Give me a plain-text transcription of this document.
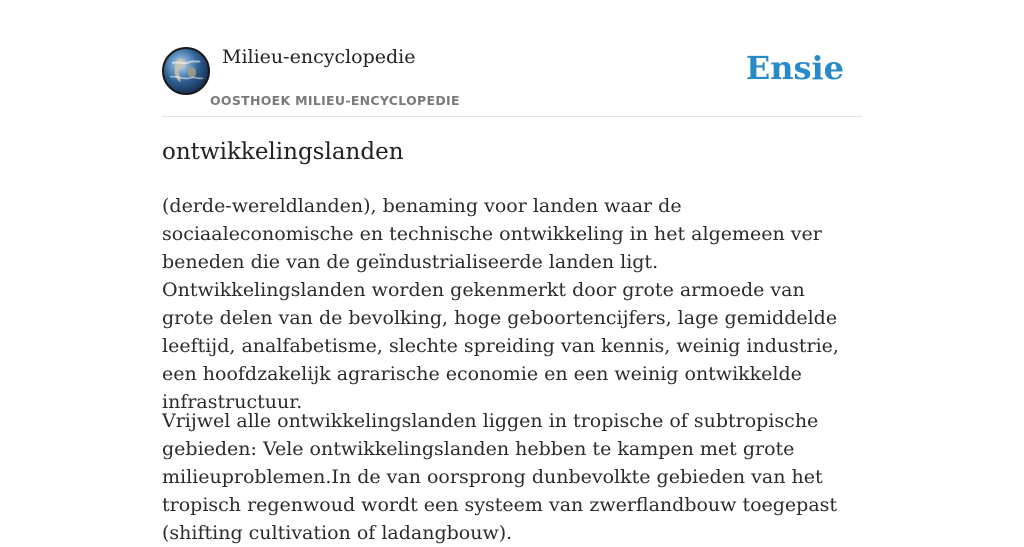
Milieu-encyclopedie
OOSTHOEK MILIEU-ENCYCLOPEDIE
Ensie
ontwikkelingslanden

(derde-wereldlanden), benaming voor landen waar de sociaaleconomische en technische ontwikkeling in het algemeen ver beneden die van de geïndustrialiseerde landen ligt. Ontwikkelingslanden worden gekenmerkt door grote armoede van grote delen van de bevolking, hoge geboortencijfers, lage gemiddelde leeftijd, analfabetisme, slechte spreiding van kennis, weinig industrie, een hoofdzakelijk agrarische economie en een weinig ontwikkelde infrastructuur.

Vrijwel alle ontwikkelingslanden liggen in tropische of subtropische gebieden: Vele ontwikkelingslanden hebben te kampen met grote milieuproblemen.In de van oorsprong dunbevolkte gebieden van het tropisch regenwoud wordt een systeem van zwerflandbouw toegepast (shifting cultivation of ladangbouw).
